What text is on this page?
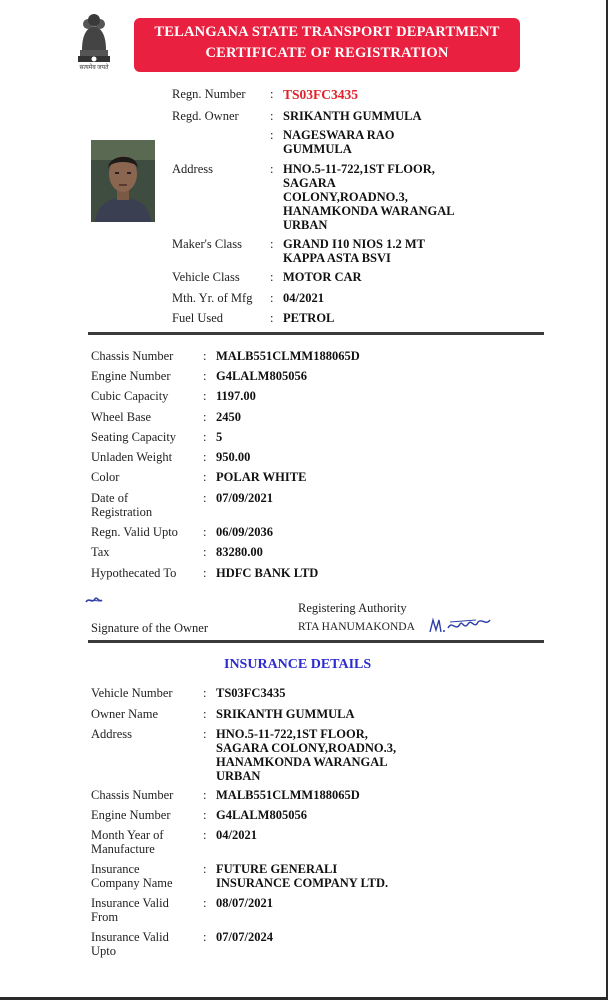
सत्यमेव जयते
TELANGANA STATE TRANSPORT DEPARTMENT
CERTIFICATE OF REGISTRATION
Regn. Number : TS03FC3435
Regd. Owner	: SRIKANTH GUMMULA
: NAGESWARA RAO
GUMMULA
Address	: HNO.5-11-722,1ST FLOOR,
SAGARA
COLONY,ROADNO.3,
HANAMKONDA WARANGAL
URBAN
Maker's Class : GRAND I10 NIOS 1.2 MT
KAPPA ASTA BSVI
Vehicle Class : MOTOR CAR
Mth. Yr. of Mfg : 04/2021
Fuel Used	: PETROL
Chassis Number : MALB551CLMM188065D
Engine Number	: G4LALM805056
Cubic Capacity	: 1197.00
Wheel Base	: 2450
Seating Capacity : 5
Unladen Weight : 950.00
Color	: POLAR WHITE
Date of
Registration
: 07/09/2021
Regn. Valid Upto : 06/09/2036
Tax	: 83280.00
Hypothecated To : HDFC BANK LTD
Signature of the Owner
Registering Authority
RTA HANUMAKONDA
INSURANCE DETAILS
Vehicle Number : TS03FC3435
Owner Name	: SRIKANTH GUMMULA
Address	: HNO.5-11-722,1ST FLOOR,
SAGARA COLONY,ROADNO.3,
HANAMKONDA WARANGAL
URBAN
Chassis Number : MALB551CLMM188065D
Engine Number	: G4LALM805056
Month Year of
Manufacture
: 04/2021
Insurance
Company Name
: FUTURE GENERALI
INSURANCE COMPANY LTD.
Insurance Valid
From
: 08/07/2021
Insurance Valid
Upto
: 07/07/2024
